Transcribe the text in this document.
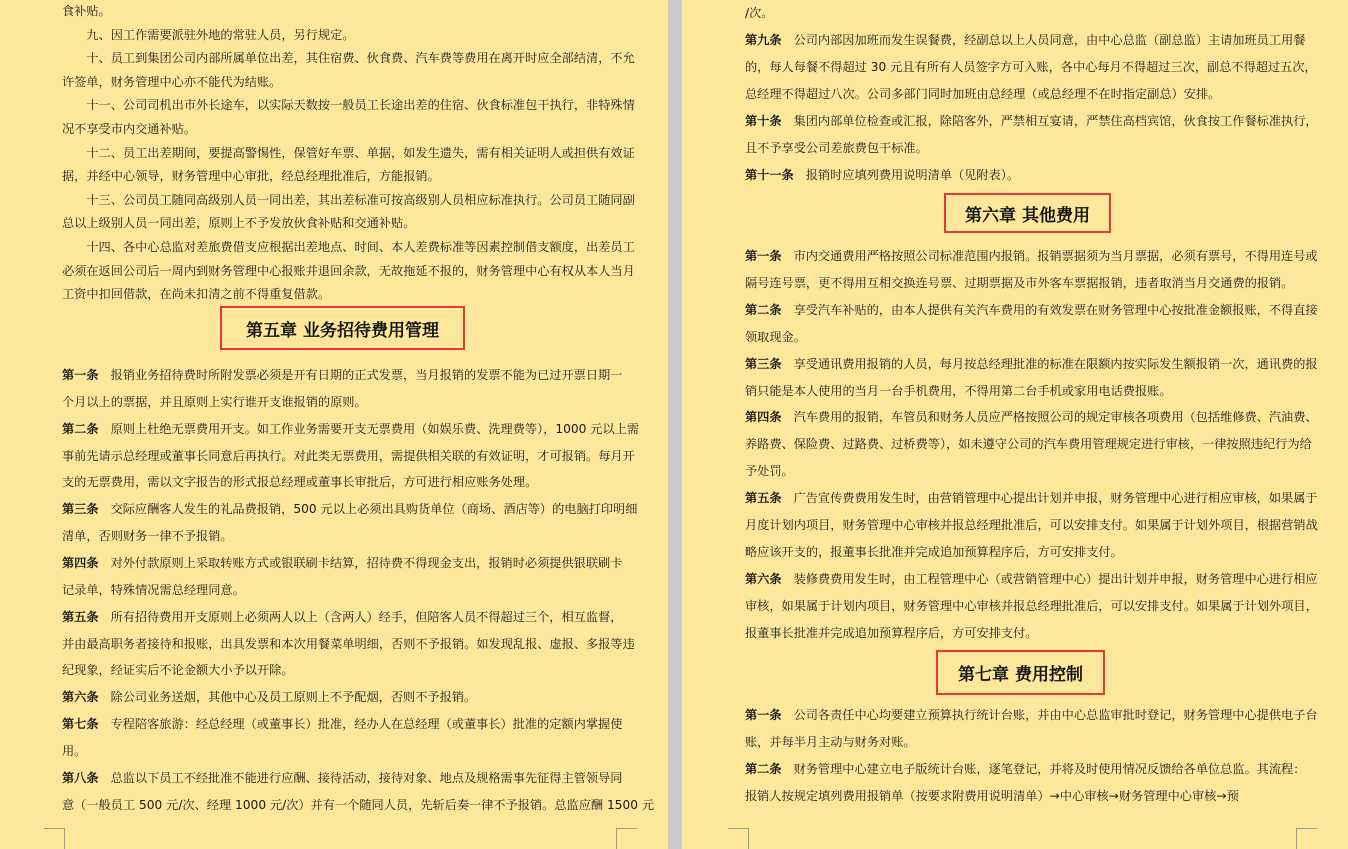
食补贴。
　　九、因工作需要派驻外地的常驻人员，另行规定。
　　十、员工到集团公司内部所属单位出差，其住宿费、伙食费、汽车费等费用在离开时应全部结清，不允
许签单，财务管理中心亦不能代为结账。
　　十一、公司司机出市外长途车，以实际天数按一般员工长途出差的住宿、伙食标准包干执行，非特殊情
况不享受市内交通补贴。
　　十二、员工出差期间，要提高警惕性，保管好车票、单据，如发生遗失，需有相关证明人或担供有效证
据，并经中心领导，财务管理中心审批，经总经理批准后，方能报销。
　　十三、公司员工随同高级别人员一同出差，其出差标准可按高级别人员相应标准执行。公司员工随同副
总以上级别人员一同出差，原则上不予发放伙食补贴和交通补贴。
　　十四、各中心总监对差旅费借支应根据出差地点、时间、本人差费标准等因素控制借支额度，出差员工
必须在返回公司后一周内到财务管理中心报账并退回余款，无故拖延不报的，财务管理中心有权从本人当月
工资中扣回借款，在尚未扣清之前不得重复借款。
第一条 报销业务招待费时所附发票必须是开有日期的正式发票，当月报销的发票不能为已过开票日期一
个月以上的票据，并且原则上实行谁开支谁报销的原则。
第二条 原则上杜绝无票费用开支。如工作业务需要开支无票费用（如娱乐费、洗理费等），1000 元以上需
事前先请示总经理或董事长同意后再执行。对此类无票费用，需提供相关联的有效证明，才可报销。每月开
支的无票费用，需以文字报告的形式报总经理或董事长审批后，方可进行相应账务处理。
第三条 交际应酬客人发生的礼品费报销，500 元以上必须出具购货单位（商场、酒店等）的电脑打印明细
清单，否则财务一律不予报销。
第四条 对外付款原则上采取转账方式或银联刷卡结算，招待费不得现金支出，报销时必须提供银联刷卡
记录单，特殊情况需总经理同意。
第五条 所有招待费用开支原则上必须两人以上（含两人）经手，但陪客人员不得超过三个，相互监督，
并由最高职务者接待和报账，出具发票和本次用餐菜单明细，否则不予报销。如发现乱报、虚报、多报等违
纪现象，经证实后不论金额大小予以开除。
第六条 除公司业务送烟，其他中心及员工原则上不予配烟，否则不予报销。
第七条 专程陪客旅游：经总经理（或董事长）批准，经办人在总经理（或董事长）批准的定额内掌握使
用。
第八条 总监以下员工不经批准不能进行应酬、接待活动，接待对象、地点及规格需事先征得主管领导同
意（一般员工 500 元/次、经理 1000 元/次）并有一个随同人员，先斩后奏一律不予报销。总监应酬 1500 元
第五章 业务招待费用管理
/次。
第九条 公司内部因加班而发生误餐费，经副总以上人员同意，由中心总监（副总监）主请加班员工用餐
的，每人每餐不得超过 30 元且有所有人员签字方可入账，各中心每月不得超过三次，副总不得超过五次，
总经理不得超过八次。公司多部门同时加班由总经理（或总经理不在时指定副总）安排。
第十条 集团内部单位检查或汇报，除陪客外，严禁相互宴请，严禁住高档宾馆，伙食按工作餐标准执行，
且不予享受公司差旅费包干标准。
第十一条 报销时应填列费用说明清单（见附表）。
第一条 市内交通费用严格按照公司标准范围内报销。报销票据须为当月票据，必须有票号，不得用连号或
隔号连号票，更不得用互相交换连号票、过期票据及市外客车票据报销，违者取消当月交通费的报销。
第二条 享受汽车补贴的，由本人提供有关汽车费用的有效发票在财务管理中心按批准金额报账，不得直接
领取现金。
第三条 享受通讯费用报销的人员，每月按总经理批准的标准在限额内按实际发生额报销一次，通讯费的报
销只能是本人使用的当月一台手机费用，不得用第二台手机或家用电话费报账。
第四条 汽车费用的报销，车管员和财务人员应严格按照公司的规定审核各项费用（包括维修费、汽油费、
养路费、保险费、过路费、过桥费等），如未遵守公司的汽车费用管理规定进行审核，一律按照违纪行为给
予处罚。
第五条 广告宣传费费用发生时，由营销管理中心提出计划并申报，财务管理中心进行相应审核，如果属于
月度计划内项目，财务管理中心审核并报总经理批准后，可以安排支付。如果属于计划外项目，根据营销战
略应该开支的，报董事长批准并完成追加预算程序后，方可安排支付。
第六条 装修费费用发生时，由工程管理中心（或营销管理中心）提出计划并申报，财务管理中心进行相应
审核，如果属于计划内项目，财务管理中心审核并报总经理批准后，可以安排支付。如果属于计划外项目，
报董事长批准并完成追加预算程序后，方可安排支付。
第一条 公司各责任中心均要建立预算执行统计台账，并由中心总监审批时登记，财务管理中心提供电子台
账，并每半月主动与财务对账。
第二条 财务管理中心建立电子版统计台账，逐笔登记，并将及时使用情况反馈给各单位总监。其流程：
报销人按规定填列费用报销单（按要求附费用说明清单）→中心审核→财务管理中心审核→预
第六章 其他费用
第七章 费用控制
